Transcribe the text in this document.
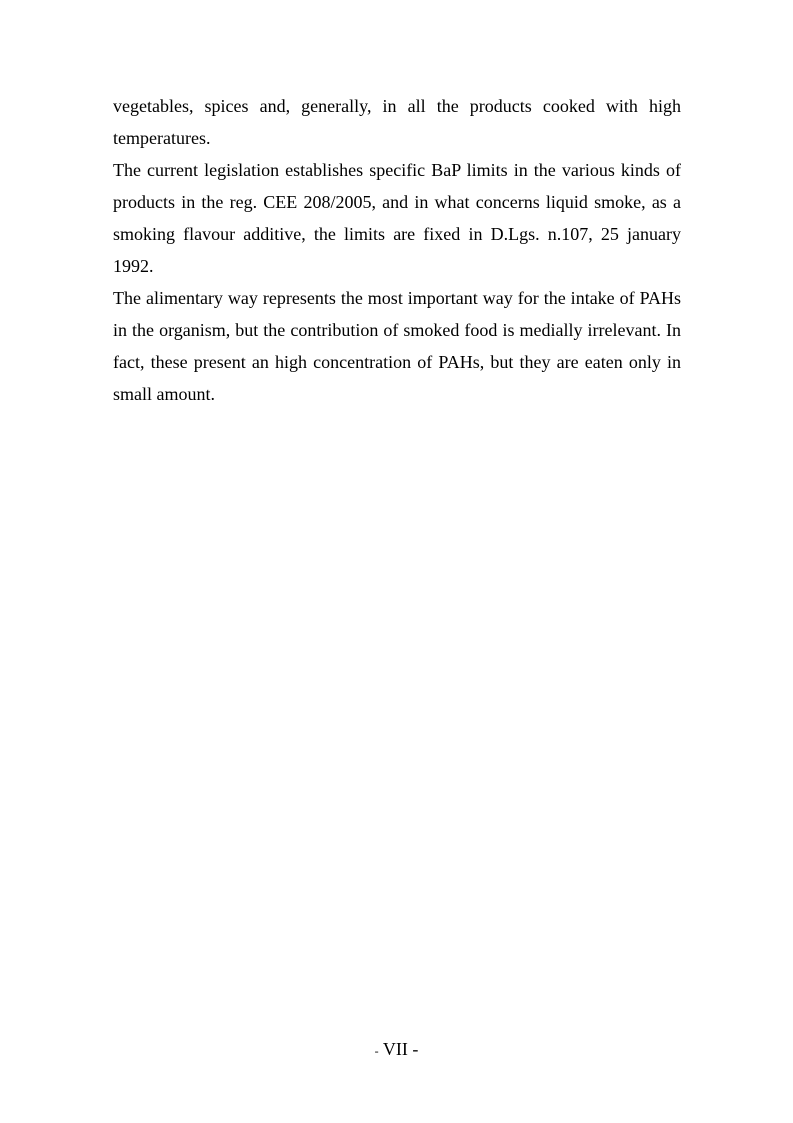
vegetables, spices and, generally, in all the products cooked with high temperatures.

The current legislation establishes specific BaP limits in the various kinds of products in the reg. CEE 208/2005, and in what concerns liquid smoke, as a smoking flavour additive, the limits are fixed in D.Lgs. n.107, 25 january 1992.

The alimentary way represents the most important way for the intake of PAHs in the organism, but the contribution of smoked food is medially irrelevant. In fact, these present an high concentration of PAHs, but they are eaten only in small amount.

- VII -
